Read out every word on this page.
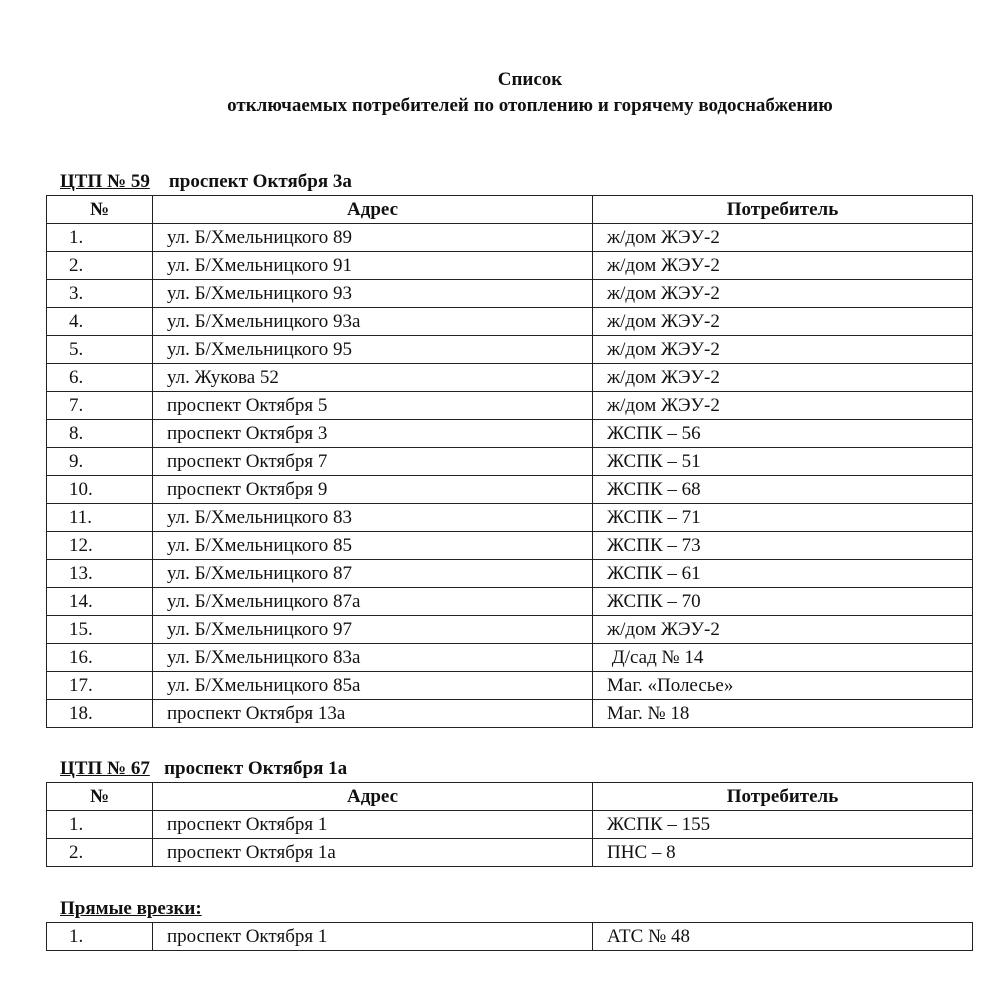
Список
отключаемых потребителей по отоплению и горячему водоснабжению
ЦТП № 59 проспект Октября 3а
№	Адрес	Потребитель
1.	ул. Б/Хмельницкого 89	ж/дом ЖЭУ-2
2.	ул. Б/Хмельницкого 91	ж/дом ЖЭУ-2
3.	ул. Б/Хмельницкого 93	ж/дом ЖЭУ-2
4.	ул. Б/Хмельницкого 93а	ж/дом ЖЭУ-2
5.	ул. Б/Хмельницкого 95	ж/дом ЖЭУ-2
6.	ул. Жукова 52	ж/дом ЖЭУ-2
7.	проспект Октября 5	ж/дом ЖЭУ-2
8.	проспект Октября 3	ЖСПК – 56
9.	проспект Октября 7	ЖСПК – 51
10.	проспект Октября 9	ЖСПК – 68
11.	ул. Б/Хмельницкого 83	ЖСПК – 71
12.	ул. Б/Хмельницкого 85	ЖСПК – 73
13.	ул. Б/Хмельницкого 87	ЖСПК – 61
14.	ул. Б/Хмельницкого 87а	ЖСПК – 70
15.	ул. Б/Хмельницкого 97	ж/дом ЖЭУ-2
16.	ул. Б/Хмельницкого 83а	Д/сад № 14
17.	ул. Б/Хмельницкого 85а	Маг. «Полесье»
18.	проспект Октября 13а	Маг. № 18
ЦТП № 67 проспект Октября 1а
№	Адрес	Потребитель
1.	проспект Октября 1	ЖСПК – 155
2.	проспект Октября 1а	ПНС – 8
Прямые врезки:
1.	проспект Октября 1	АТС № 48
